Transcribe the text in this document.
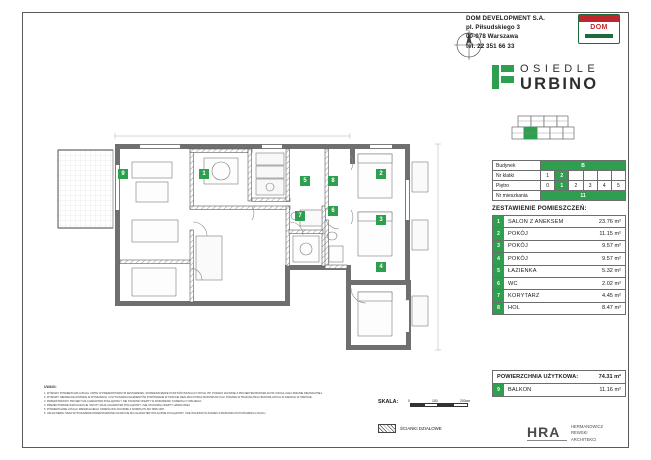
DOM DEVELOPMENT S.A.
pl. Piłsudskiego 3
00-078 Warszawa
tel. 22 351 66 33
DOM
OSIEDLE
URBINO
Budynek	B
Nr klatki	1	2
Piętro	0	1	2	3	4	5
Nr mieszkania	11
ZESTAWIENIE POMIESZCZEŃ:
1	SALON Z ANEKSEM	23.76 m²
2	POKÓJ	11.15 m²
3	POKÓJ	9.57 m²
4	POKÓJ	9.57 m²
5	ŁAZIENKA	5.32 m²
6	WC	2.02 m²
7	KORYTARZ	4.45 m²
8	HOL	8.47 m²
POWIERZCHNIA UŻYTKOWA:	74.31 m²
9	BALKON	11.16 m²
UWAGI:
1. WYMIARY POWIERZCHNI LOKALU UJĘTE W PREZENTOWANYM ZESTAWIENIU, ROZMIESZCZENIE PUNKTÓW INSTALACYJNYCH ITP. PODANO ZGODNIE Z PROJEKTEM BUDOWLANYM I MOGĄ ULEC ZMIANIE NIEZNACZNEJ.
2. WYMIARY NIEWIELKIE RÓŻNICE W WYMIARACH I USYTUOWANIU ELEMENTÓW PORÓWNANE W TRAKCIE REALIZACJI PRAC BUDOWLANYCH I PODANE W TRAKCIE PRAC BUDOWLANYCH W RAMACH W SKRÓCIE.
3. PRZEDSTAWIONY PROJEKT MA CHARAKTER POGLĄDOWY I NIE STANOWI OFERTY W ROZUMIENIU KODEKSU CYWILNEGO.
4. PREZENTOWANE WIZUALIZACJE I RZUTY MAJĄ CHARAKTER POGLĄDOWY I NIE STANOWIĄ OFERTY HANDLOWEJ.
5. POWIERZCHNIE LOKALU MIESZKALNEGO OKREŚLONO ZGODNIE Z NORMĄ PN-ISO 9836:1997.
6. UKŁAD MEBLI ORAZ WYPOSAŻENIE PRZEDSTAWIONE NA RZUCIE MA CHARAKTER WYŁĄCZNIE POGLĄDOWY I NIE WCHODZI W ZAKRES STANDARDU WYKOŃCZENIA LOKALU.
SKALA:	0	100	200cm
ŚCIANKI DZIAŁOWE	HRA	HERMANOWICZ
REWSKI
ARCHITEKCI
9	1	2
3
4
5
6
7
8
